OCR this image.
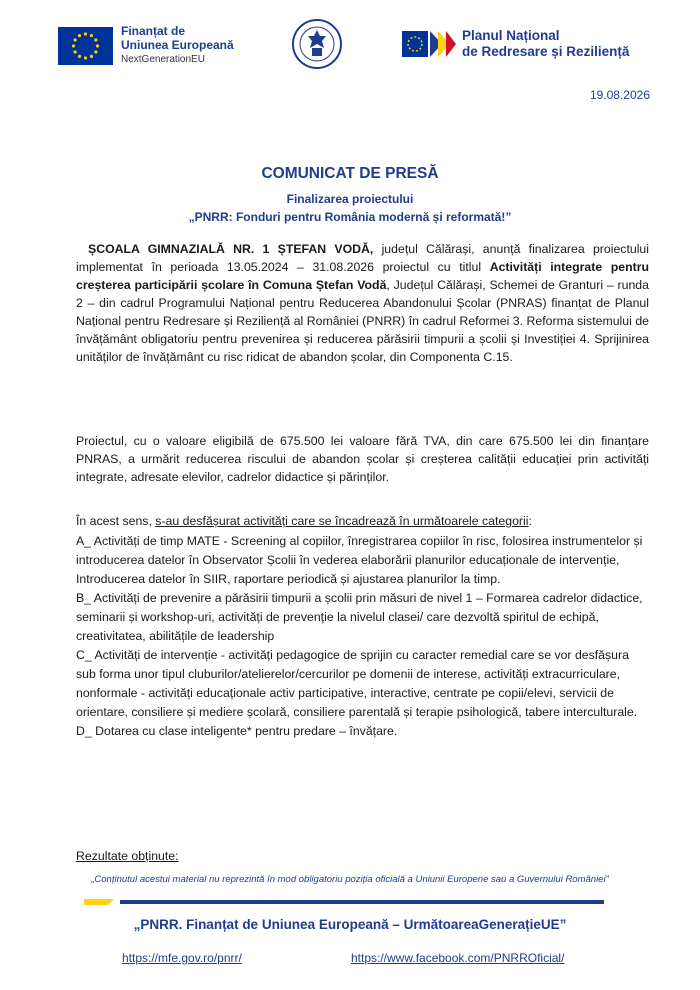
Finanțat de
Uniunea Europeană
NextGenerationEU
Planul Național
de Redresare și Reziliență
19.08.2026
COMUNICAT DE PRESĂ
Finalizarea proiectului
„PNRR: Fonduri pentru România modernă și reformată!”
ȘCOALA GIMNAZIALĂ NR. 1 ȘTEFAN VODĂ, județul Călărași, anunță finalizarea proiectului implementat în perioada 13.05.2024 – 31.08.2026 proiectul cu titlul Activități integrate pentru creșterea participării școlare în Comuna Ștefan Vodă, Județul Călărași, Schemei de Granturi – runda 2 – din cadrul Programului Național pentru Reducerea Abandonului Școlar (PNRAS) finanțat de Planul Național pentru Redresare și Reziliență al României (PNRR) în cadrul Reformei 3. Reforma sistemului de învățământ obligatoriu pentru prevenirea și reducerea părăsirii timpurii a școlii și Investiției 4. Sprijinirea unităților de învățământ cu risc ridicat de abandon școlar, din Componenta C.15.
Proiectul, cu o valoare eligibilă de 675.500 lei valoare fără TVA, din care 675.500 lei din finanțare PNRAS, a urmărit reducerea riscului de abandon școlar și creșterea calității educației prin activități integrate, adresate elevilor, cadrelor didactice și părinților.
În acest sens, s-au desfășurat activități care se încadrează în următoarele categorii:

A_ Activități de timp MATE - Screening al copiilor, înregistrarea copiilor în risc, folosirea instrumentelor și introducerea datelor în Observator Școlii în vederea elaborării planurilor educaționale de intervenție, Introducerea datelor în SIIR, raportare periodică și ajustarea planurilor la timp.

B_ Activități de prevenire a părăsirii timpurii a școlii prin măsuri de nivel 1 – Formarea cadrelor didactice, seminarii și workshop-uri, activități de prevenție la nivelul clasei/ care dezvoltă spiritul de echipă, creativitatea, abilitățile de leadership

C_ Activități de intervenție - activități pedagogice de sprijin cu caracter remedial care se vor desfășura sub forma unor tipul cluburilor/atelierelor/cercurilor pe domenii de interese, activități extracurriculare, nonformale - activități educaționale activ participative, interactive, centrate pe copii/elevi, servicii de orientare, consiliere și mediere școlară, consiliere parentală și terapie psihologică, tabere interculturale.

D_ Dotarea cu clase inteligente* pentru predare – învățare.

Rezultate obținute:
„Conținutul acestui material nu reprezintă în mod obligatoriu poziția oficială a Uniunii Europene sau a Guvernului României”
„PNRR. Finanțat de Uniunea Europeană – UrmătoareaGenerațieUE”
https://mfe.gov.ro/pnrr/	https://www.facebook.com/PNRROficial/
